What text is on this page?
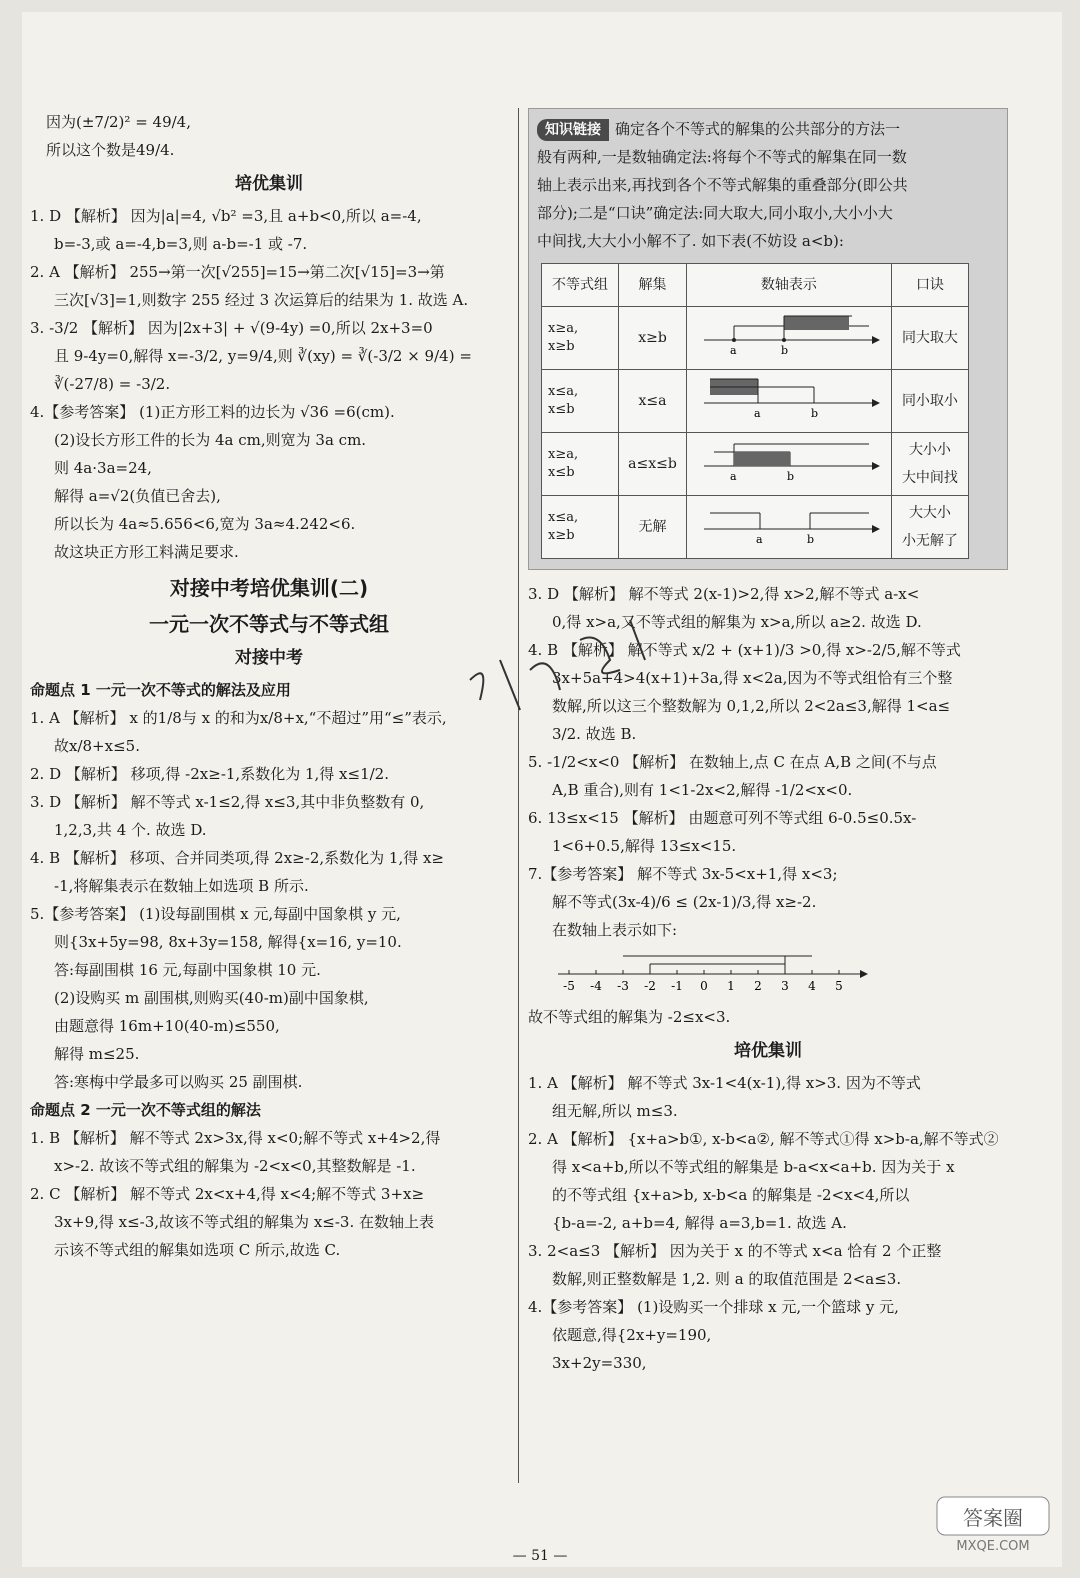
因为(±7/2)² = 49/4,
所以这个数是49/4.
培优集训
1. D 【解析】 因为|a|=4, √b² =3,且 a+b<0,所以 a=-4,
b=-3,或 a=-4,b=3,则 a-b=-1 或 -7.
2. A 【解析】 255→第一次[√255]=15→第二次[√15]=3→第
三次[√3]=1,则数字 255 经过 3 次运算后的结果为 1. 故选 A.
3. -3/2 【解析】 因为|2x+3| + √(9-4y) =0,所以 2x+3=0
且 9-4y=0,解得 x=-3/2, y=9/4,则 ∛(xy) = ∛(-3/2 × 9/4) =
∛(-27/8) = -3/2.
4.【参考答案】 (1)正方形工料的边长为 √36 =6(cm).
(2)设长方形工件的长为 4a cm,则宽为 3a cm.
则 4a·3a=24,
解得 a=√2(负值已舍去),
所以长为 4a≈5.656<6,宽为 3a≈4.242<6.
故这块正方形工料满足要求.
对接中考培优集训(二)
一元一次不等式与不等式组
对接中考
命题点 1 一元一次不等式的解法及应用
1. A 【解析】 x 的1/8与 x 的和为x/8+x,“不超过”用“≤”表示,
故x/8+x≤5.
2. D 【解析】 移项,得 -2x≥-1,系数化为 1,得 x≤1/2.
3. D 【解析】 解不等式 x-1≤2,得 x≤3,其中非负整数有 0,
1,2,3,共 4 个. 故选 D.
4. B 【解析】 移项、合并同类项,得 2x≥-2,系数化为 1,得 x≥
-1,将解集表示在数轴上如选项 B 所示.
5.【参考答案】 (1)设每副围棋 x 元,每副中国象棋 y 元,
则{3x+5y=98, 8x+3y=158, 解得{x=16, y=10.
答:每副围棋 16 元,每副中国象棋 10 元.
(2)设购买 m 副围棋,则购买(40-m)副中国象棋,
由题意得 16m+10(40-m)≤550,
解得 m≤25.
答:寒梅中学最多可以购买 25 副围棋.
命题点 2 一元一次不等式组的解法
1. B 【解析】 解不等式 2x>3x,得 x<0;解不等式 x+4>2,得
x>-2. 故该不等式组的解集为 -2<x<0,其整数解是 -1.
2. C 【解析】 解不等式 2x<x+4,得 x<4;解不等式 3+x≥
3x+9,得 x≤-3,故该不等式组的解集为 x≤-3. 在数轴上表
示该不等式组的解集如选项 C 所示,故选 C.
知识链接 确定各个不等式的解集的公共部分的方法一
般有两种,一是数轴确定法:将每个不等式的解集在同一数
轴上表示出来,再找到各个不等式解集的重叠部分(即公共
部分);二是“口诀”确定法:同大取大,同小取小,大小小大
中间找,大大小小解不了. 如下表(不妨设 a<b):
不等式组	解集	数轴表示	口诀

x≥a,
x≥b	x≥b	a b	同大取大

x≤a,
x≤b	x≤a	a b	同小取小

x≥a,
x≤b	a≤x≤b	a b	大小小
大中间找

x≤a,
x≥b	无解	a b	大大小
小无解了
3. D 【解析】 解不等式 2(x-1)>2,得 x>2,解不等式 a-x<
0,得 x>a,又不等式组的解集为 x>a,所以 a≥2. 故选 D.
4. B 【解析】 解不等式 x/2 + (x+1)/3 >0,得 x>-2/5,解不等式
3x+5a+4>4(x+1)+3a,得 x<2a,因为不等式组恰有三个整
数解,所以这三个整数解为 0,1,2,所以 2<2a≤3,解得 1<a≤
3/2. 故选 B.
5. -1/2<x<0 【解析】 在数轴上,点 C 在点 A,B 之间(不与点
A,B 重合),则有 1<1-2x<2,解得 -1/2<x<0.
6. 13≤x<15 【解析】 由题意可列不等式组 6-0.5≤0.5x-
1<6+0.5,解得 13≤x<15.
7.【参考答案】 解不等式 3x-5<x+1,得 x<3;
解不等式(3x-4)/6 ≤ (2x-1)/3,得 x≥-2.
在数轴上表示如下:
-5 -4 -3 -2 -1 0 1 2 3 4 5
故不等式组的解集为 -2≤x<3.
培优集训
1. A 【解析】 解不等式 3x-1<4(x-1),得 x>3. 因为不等式
组无解,所以 m≤3.
2. A 【解析】 {x+a>b①, x-b<a②, 解不等式①得 x>b-a,解不等式②
得 x<a+b,所以不等式组的解集是 b-a<x<a+b. 因为关于 x
的不等式组 {x+a>b, x-b<a 的解集是 -2<x<4,所以
{b-a=-2, a+b=4, 解得 a=3,b=1. 故选 A.
3. 2<a≤3 【解析】 因为关于 x 的不等式 x<a 恰有 2 个正整
数解,则正整数解是 1,2. 则 a 的取值范围是 2<a≤3.
4.【参考答案】 (1)设购买一个排球 x 元,一个篮球 y 元,
依题意,得{2x+y=190,
3x+2y=330,
— 51 —
答案圈
MXQE.COM
